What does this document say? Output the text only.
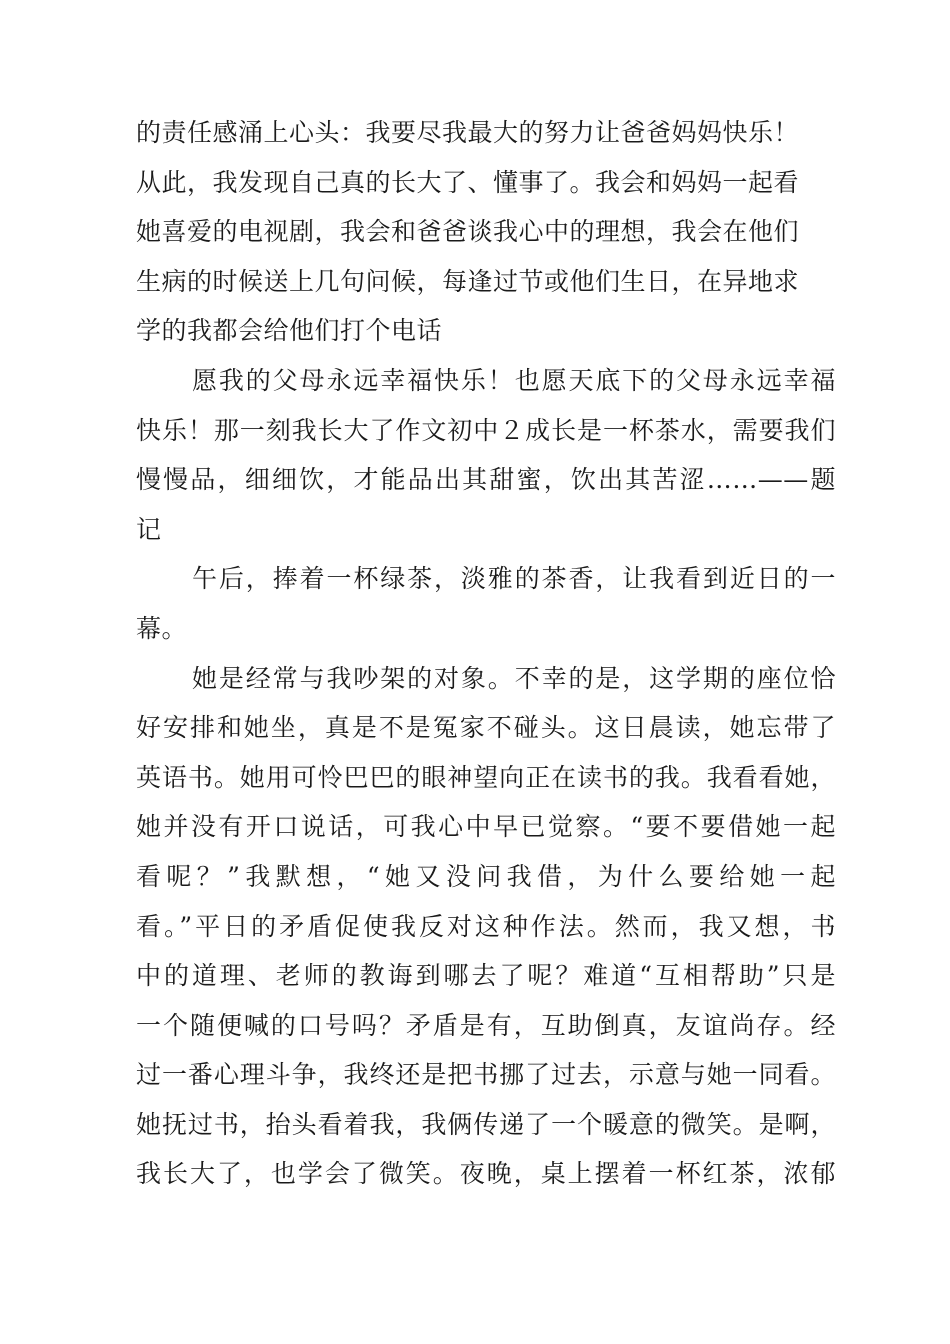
的责任感涌上心头：我要尽我最大的努力让爸爸妈妈快乐！
从此，我发现自己真的长大了、懂事了。我会和妈妈一起看
她喜爱的电视剧，我会和爸爸谈我心中的理想，我会在他们
生病的时候送上几句问候，每逢过节或他们生日，在异地求
学的我都会给他们打个电话
愿我的父母永远幸福快乐！也愿天底下的父母永远幸福
快乐！那一刻我长大了作文初中２成长是一杯茶水，需要我们
慢慢品，细细饮，才能品出其甜蜜，饮出其苦涩……——题
记
午后，捧着一杯绿茶，淡雅的茶香，让我看到近日的一
幕。
她是经常与我吵架的对象。不幸的是，这学期的座位恰
好安排和她坐，真是不是冤家不碰头。这日晨读，她忘带了
英语书。她用可怜巴巴的眼神望向正在读书的我。我看看她，
她并没有开口说话，可我心中早已觉察。“要不要借她一起
看呢？”我默想，“她又没问我借，为什么要给她一起
看。”平日的矛盾促使我反对这种作法。然而，我又想，书
中的道理、老师的教诲到哪去了呢？难道“互相帮助”只是
一个随便喊的口号吗？矛盾是有，互助倒真，友谊尚存。经
过一番心理斗争，我终还是把书挪了过去，示意与她一同看。
她抚过书，抬头看着我，我俩传递了一个暖意的微笑。是啊，
我长大了，也学会了微笑。夜晚，桌上摆着一杯红茶，浓郁
